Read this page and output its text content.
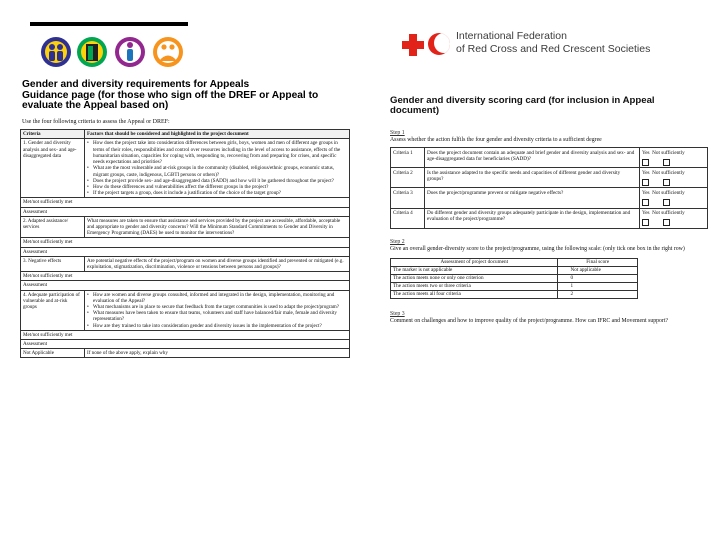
International Federation
of Red Cross and Red Crescent Societies
Gender and diversity requirements for Appeals
Guidance page (for those who sign off the DREF or Appeal to
evaluate the Appeal based on)
Use the four following criteria to assess the Appeal or DREF:
Criteria	Factors that should be considered and highlighted in the project document
1. Gender and diversity analysis and sex- and age-disaggregated data	• How does the project take into consideration differences between girls, boys, women and men of different age groups in terms of their roles, responsibilities and control over resources including in the level of access to assistance, effects of the humanitarian situation, capacities for coping with, responding to, recovering from and preparing for crises, and specific needs expectations and priorities?
• What are the most vulnerable and at-risk groups in the community (disabled, religious/ethnic groups, economic status, migrant groups, caste, indigenous, LGBTI persons or others)?
• Does the project provide sex- and age-disaggregated data (SADD) and how will it be gathered throughout the project?
• How do these differences and vulnerabilities affect the different groups in the project?
• If the project targets a group, does it include a justification of the choice of the target group?

Met/not sufficiently met	
Assessment	
2. Adapted assistance/ services	What measures are taken to ensure that assistance and services provided by the project are accessible, affordable, acceptable and appropriate to gender and diversity concerns? Will the Minimum Standard Commitments to Gender and Diversity in Emergency Programming (DAES) be used to monitor the interventions?
Met/not sufficiently met	
Assessment	
3. Negative effects	Are potential negative effects of the project/program on women and diverse groups identified and prevented or mitigated (e.g. exploitation, stigmatization, discrimination, violence or tensions between persons and groups)?
Met/not sufficiently met	
Assessment	
4. Adequate participation of vulnerable and at-risk groups	• How are women and diverse groups consulted, informed and integrated in the design, implementation, monitoring and evaluation of the Appeal?
• What mechanisms are in place to secure that feedback from the target communities is used to adapt the project/program?
• What measures have been taken to ensure that teams, volunteers and staff have balanced/fair male, female and diversity representation?
• How are they trained to take into consideration gender and diversity issues in the implementation of the project?

Met/not sufficiently met	
Assessment	
Not Applicable	If none of the above apply, explain why
Gender and diversity scoring card (for inclusion in Appeal
document)
Step 1
Assess whether the action fulfils the four gender and diversity criteria to a sufficient degree
Criteria 1	Does the project document contain an adequate and brief gender and diversity analysis and sex- and age-disaggregated data for beneficiaries (SADD)?	Yes Not sufficiently

Criteria 2	Is the assistance adapted to the specific needs and capacities of different gender and diversity groups?	Yes Not sufficiently

Criteria 3	Does the project/programme prevent or mitigate negative effects?	Yes Not sufficiently

Criteria 4	Do different gender and diversity groups adequately participate in the design, implementation and evaluation of the project/programme?	Yes Not sufficiently
Step 2
Give an overall gender-diversity score to the project/programme, using the following scale: (only tick one box in the right row)
Assessment of project document	Final score
The marker is not applicable	Not applicable
The action meets none or only one criterion	0
The action meets two or three criteria	1
The action meets all four criteria	2
Step 3
Comment on challenges and how to improve quality of the project/programme. How can IFRC and Movement support?
